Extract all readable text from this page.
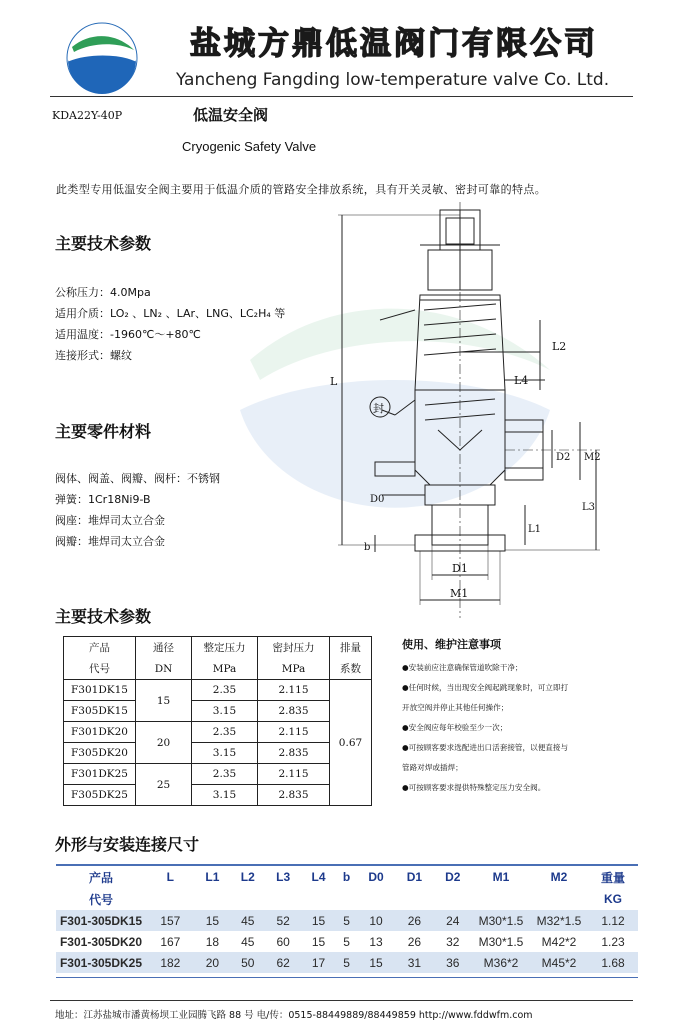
盐城方鼎低温阀门有限公司
Yancheng Fangding low-temperature valve Co. Ltd.
KDA22Y-40P	低温安全阀
Cryogenic Safety Valve
此类型专用低温安全阀主要用于低温介质的管路安全排放系统，具有开关灵敏、密封可靠的特点。
主要技术参数
公称压力：4.0Mpa
适用介质：LO₂ 、LN₂ 、LAr、LNG、LC₂H₄ 等
适用温度：-1960℃～+80℃
连接形式：螺纹
主要零件材料
阀体、阀盖、阀瓣、阀杆：不锈钢
弹簧：1Cr18Ni9-B
阀座：堆焊司太立合金
阀瓣：堆焊司太立合金
L
L2
L4
D2 M2
L3
D0
L1
b
D1
M1
封
主要技术参数
产品	通径	整定压力	密封压力	排量
代号	DN	MPa	MPa	系数
F301DK15	15	2.35	2.115	0.67
F305DK15		3.15	2.835	
F301DK20	20	2.35	2.115	
F305DK20		3.15	2.835	
F301DK25	25	2.35	2.115	
F305DK25		3.15	2.835	
使用、维护注意事项
●安装前应注意确保管道吹除干净；
●任何时候，当出现安全阀起跳现象时，可立即打
开放空阀并停止其他任何操作；
●安全阀应每年校验至少一次；
●可按顾客要求选配进出口活套接管，以便直接与
管路对焊或插焊；
●可按顾客要求提供特殊整定压力安全阀。
外形与安装连接尺寸
产品	L	L1	L2	L3	L4	b	D0	D1	D2	M1	M2	重量
代号												KG
F301-305DK15	157	15	45	52	15	5	10	26	24	M30*1.5	M32*1.5	1.12
F301-305DK20	167	18	45	60	15	5	13	26	32	M30*1.5	M42*2	1.23
F301-305DK25	182	20	50	62	17	5	15	31	36	M36*2	M45*2	1.68
地址：江苏盐城市潘黄杨坝工业园腾飞路 88 号 电/传：0515-88449889/88449859 http://www.fddwfm.com
